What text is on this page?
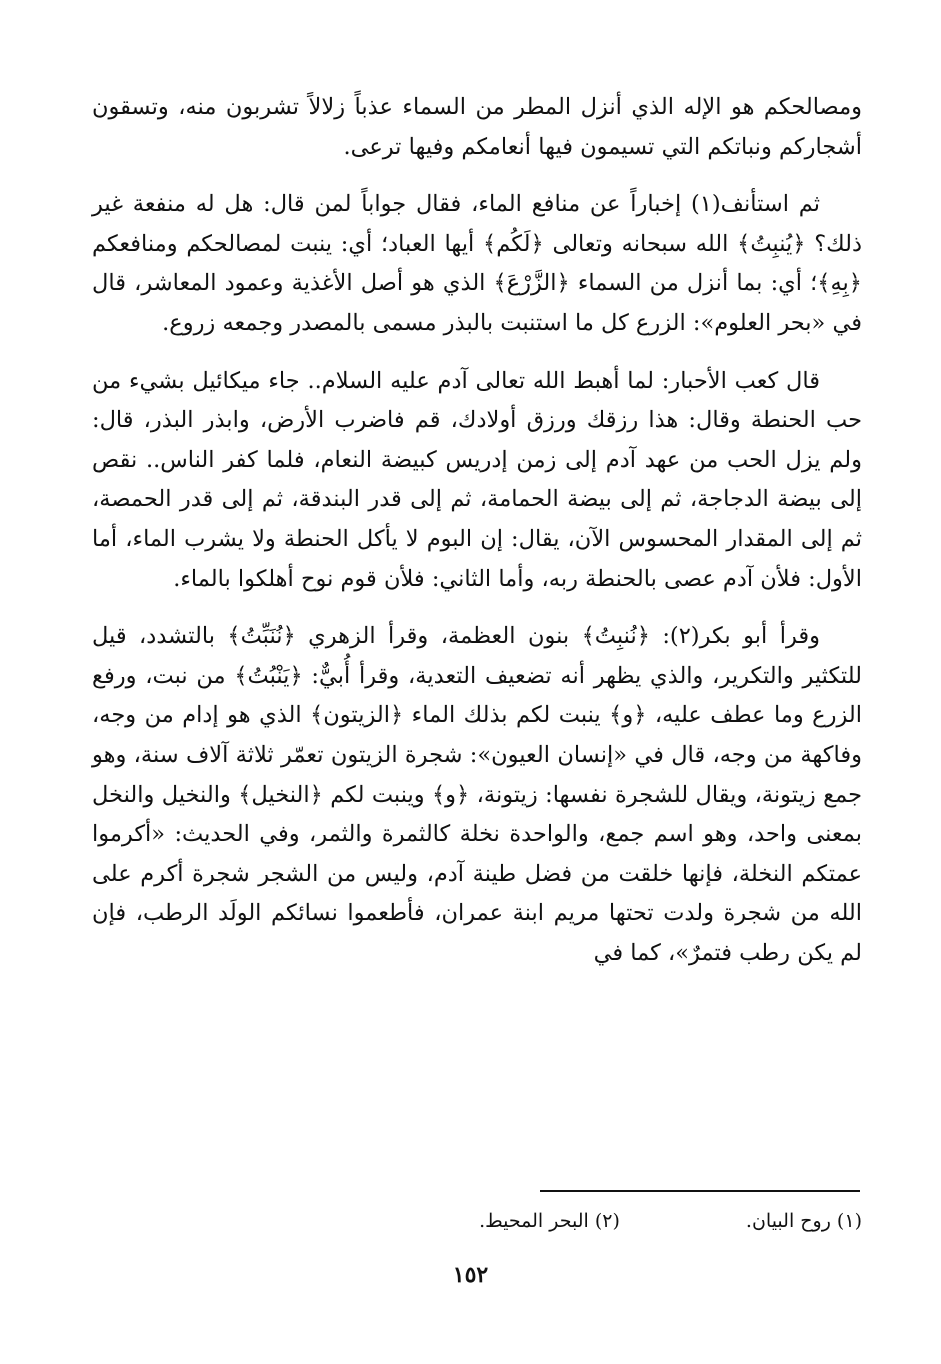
ومصالحكم هو الإله الذي أنزل المطر من السماء عذباً زلالاً تشربون منه، وتسقون أشجاركم ونباتكم التي تسيمون فيها أنعامكم وفيها ترعى.

ثم استأنف(١) إخباراً عن منافع الماء، فقال جواباً لمن قال: هل له منفعة غير ذلك؟ ﴿يُنبِتُ﴾ الله سبحانه وتعالى ﴿لَكُم﴾ أيها العباد؛ أي: ينبت لمصالحكم ومنافعكم ﴿بِهِ﴾؛ أي: بما أنزل من السماء ﴿الزَّرْعَ﴾ الذي هو أصل الأغذية وعمود المعاشر، قال في «بحر العلوم»: الزرع كل ما استنبت بالبذر مسمى بالمصدر وجمعه زروع.

قال كعب الأحبار: لما أهبط الله تعالى آدم عليه السلام.. جاء ميكائيل بشيء من حب الحنطة وقال: هذا رزقك ورزق أولادك، قم فاضرب الأرض، وابذر البذر، قال: ولم يزل الحب من عهد آدم إلى زمن إدريس كبيضة النعام، فلما كفر الناس.. نقص إلى بيضة الدجاجة، ثم إلى بيضة الحمامة، ثم إلى قدر البندقة، ثم إلى قدر الحمصة، ثم إلى المقدار المحسوس الآن، يقال: إن البوم لا يأكل الحنطة ولا يشرب الماء، أما الأول: فلأن آدم عصى بالحنطة ربه، وأما الثاني: فلأن قوم نوح أهلكوا بالماء.

وقرأ أبو بكر(٢): ﴿نُنبِتُ﴾ بنون العظمة، وقرأ الزهري ﴿نُنَبِّتُ﴾ بالتشدد، قيل للتكثير والتكرير، والذي يظهر أنه تضعيف التعدية، وقرأ أُبيٌّ: ﴿يَنْبُتُ﴾ من نبت، ورفع الزرع وما عطف عليه، ﴿و﴾ ينبت لكم بذلك الماء ﴿الزيتون﴾ الذي هو إدام من وجه، وفاكهة من وجه، قال في «إنسان العيون»: شجرة الزيتون تعمّر ثلاثة آلاف سنة، وهو جمع زيتونة، ويقال للشجرة نفسها: زيتونة، ﴿و﴾ وينبت لكم ﴿النخيل﴾ والنخيل والنخل بمعنى واحد، وهو اسم جمع، والواحدة نخلة كالثمرة والثمر، وفي الحديث: «أكرموا عمتكم النخلة، فإنها خلقت من فضل طينة آدم، وليس من الشجر شجرة أكرم على الله من شجرة ولدت تحتها مريم ابنة عمران، فأطعموا نسائكم الولَد الرطب، فإن لم يكن رطب فتمرٌ»، كما في

(١) روح البيان. (٢) البحر المحيط.
١٥٢
